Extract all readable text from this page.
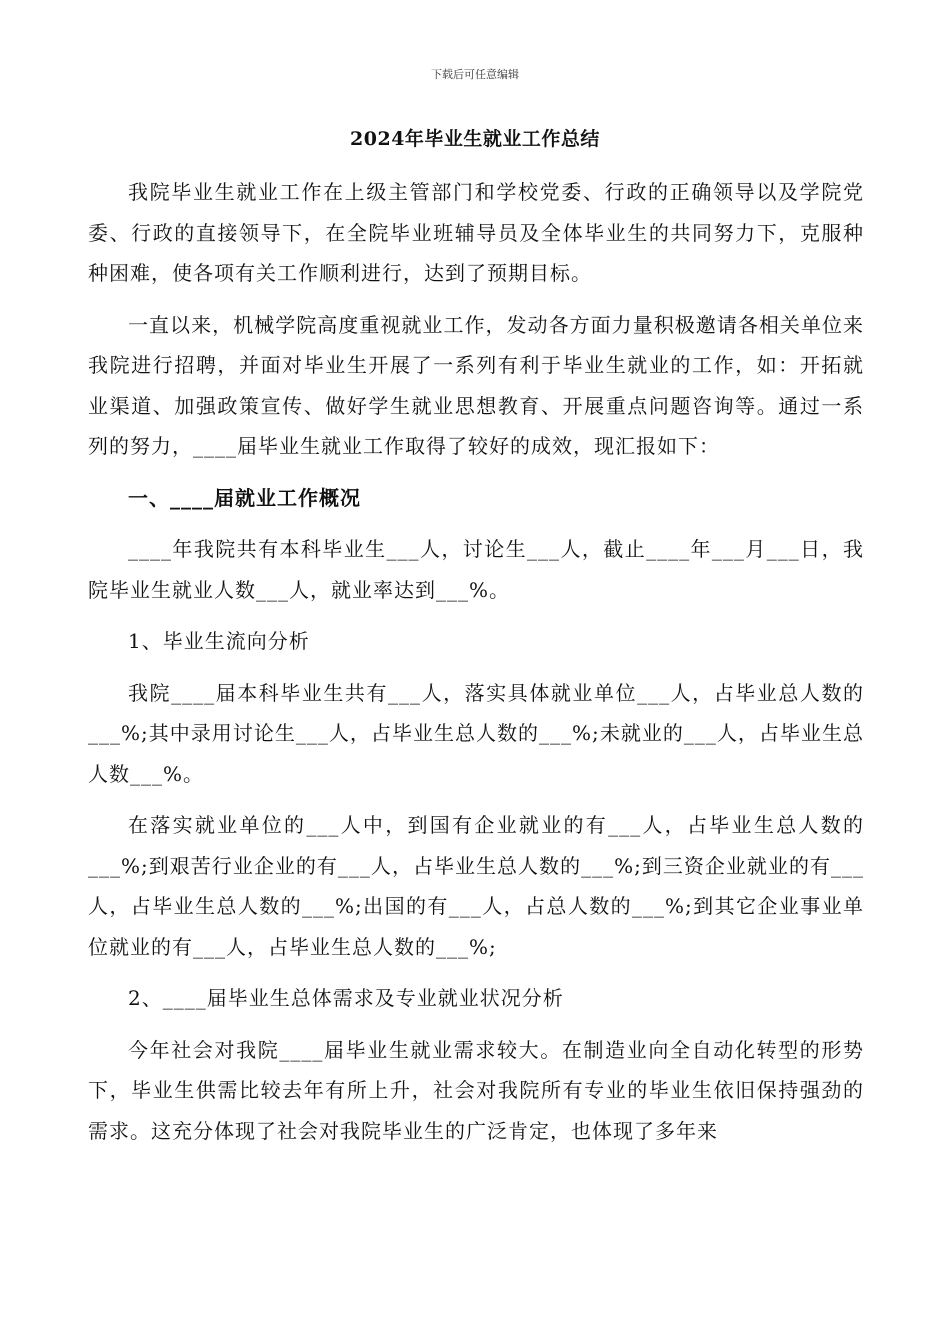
下载后可任意编辑
2024年毕业生就业工作总结

我院毕业生就业工作在上级主管部门和学校党委、行政的正确领导以及学院党委、行政的直接领导下，在全院毕业班辅导员及全体毕业生的共同努力下，克服种种困难，使各项有关工作顺利进行，达到了预期目标。

一直以来，机械学院高度重视就业工作，发动各方面力量积极邀请各相关单位来我院进行招聘，并面对毕业生开展了一系列有利于毕业生就业的工作，如：开拓就业渠道、加强政策宣传、做好学生就业思想教育、开展重点问题咨询等。通过一系列的努力，____届毕业生就业工作取得了较好的成效，现汇报如下：

一、____届就业工作概况

____年我院共有本科毕业生___人，讨论生___人，截止____年___月___日，我院毕业生就业人数___人，就业率达到___%。

1、毕业生流向分析

我院____届本科毕业生共有___人，落实具体就业单位___人，占毕业总人数的___%;其中录用讨论生___人，占毕业生总人数的___%;未就业的___人，占毕业生总人数___%。

在落实就业单位的___人中，到国有企业就业的有___人，占毕业生总人数的___%;到艰苦行业企业的有___人，占毕业生总人数的___%;到三资企业就业的有___人，占毕业生总人数的___%;出国的有___人，占总人数的___%;到其它企业事业单位就业的有___人，占毕业生总人数的___%;

2、____届毕业生总体需求及专业就业状况分析

今年社会对我院____届毕业生就业需求较大。在制造业向全自动化转型的形势下，毕业生供需比较去年有所上升，社会对我院所有专业的毕业生依旧保持强劲的需求。这充分体现了社会对我院毕业生的广泛肯定，也体现了多年来
